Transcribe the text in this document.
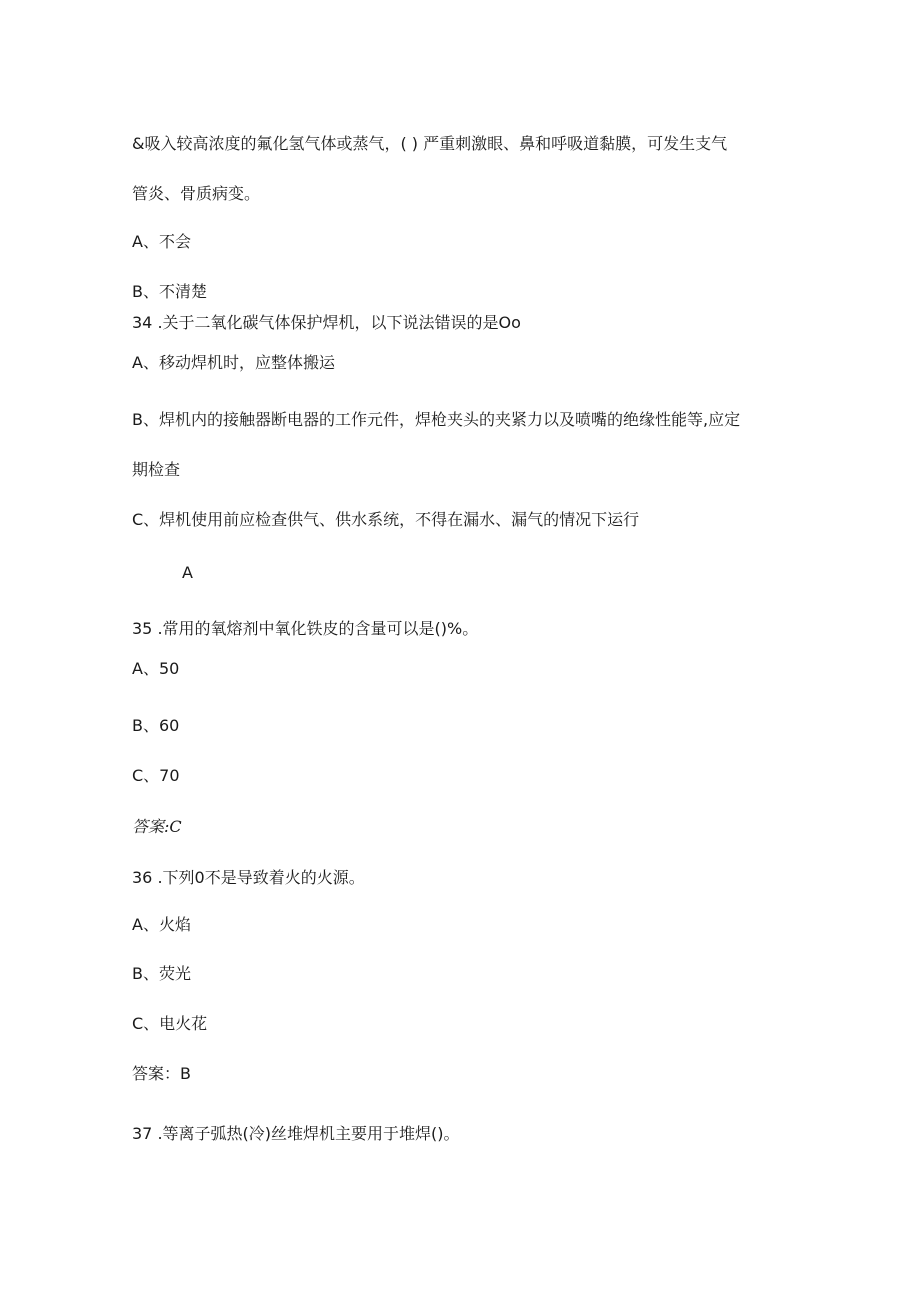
&吸入较高浓度的氟化氢气体或蒸气，( ) 严重刺激眼、鼻和呼吸道黏膜，可发生支气
管炎、骨质病变。
A、不会
B、不清楚
34 .关于二氧化碳气体保护焊机，以下说法错误的是Oo
A、移动焊机时，应整体搬运
B、焊机内的接触器断电器的工作元件，焊枪夹头的夹紧力以及喷嘴的绝缘性能等,应定
期检查
C、焊机使用前应检查供气、供水系统，不得在漏水、漏气的情况下运行
A
35 .常用的氧熔剂中氧化铁皮的含量可以是()%。
A、50
B、60
C、70
答案:C
36 .下列0不是导致着火的火源。
A、火焰
B、荧光
C、电火花
答案：B
37 .等离子弧热(冷)丝堆焊机主要用于堆焊()。
